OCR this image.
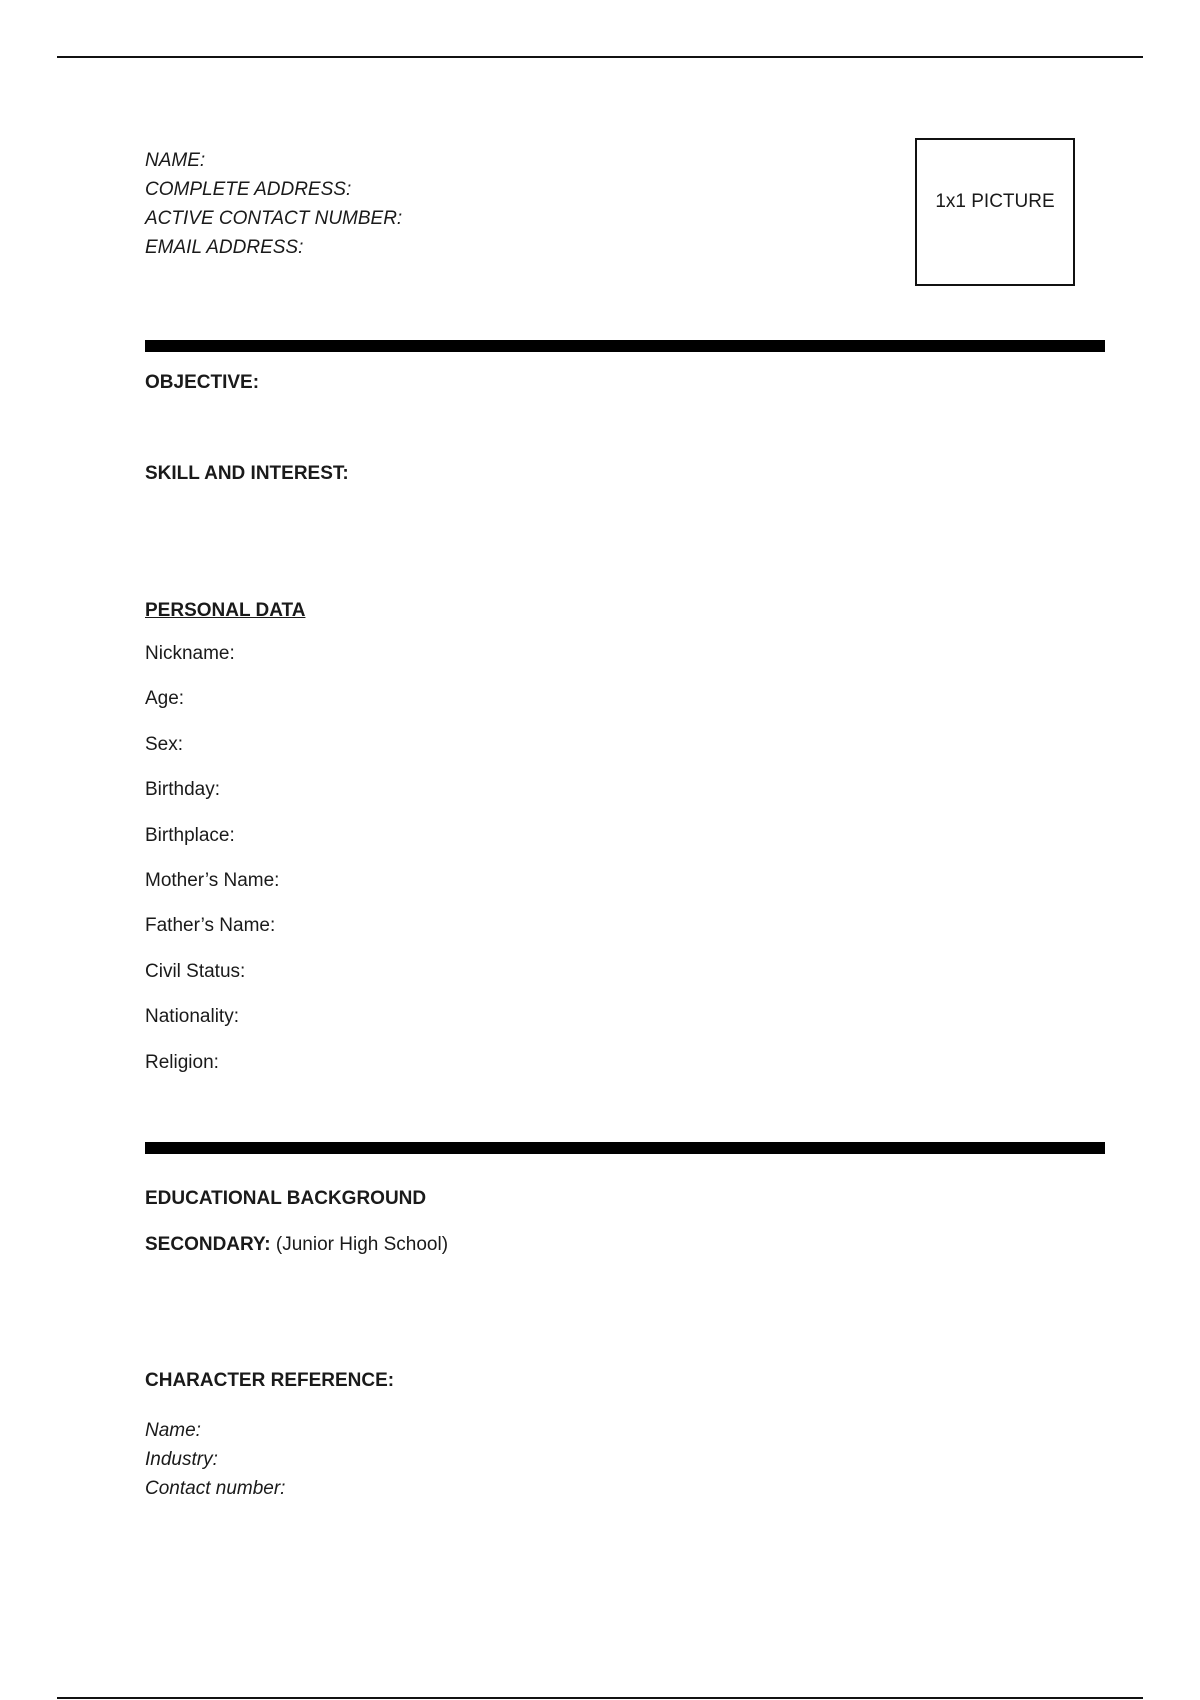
NAME:
COMPLETE ADDRESS:
ACTIVE CONTACT NUMBER:
EMAIL ADDRESS:
1x1 PICTURE
OBJECTIVE:
SKILL AND INTEREST:
PERSONAL DATA
Nickname:
Age:
Sex:
Birthday:
Birthplace:
Mother’s Name:
Father’s Name:
Civil Status:
Nationality:
Religion:
EDUCATIONAL BACKGROUND
SECONDARY: (Junior High School)
CHARACTER REFERENCE:
Name:
Industry:
Contact number:
